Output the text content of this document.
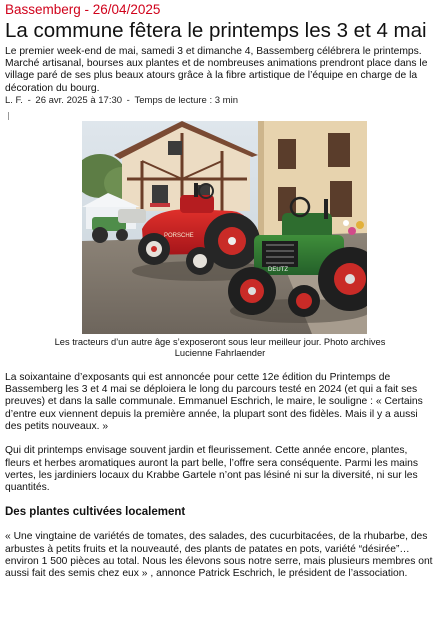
Bassemberg - 26/04/2025
La commune fêtera le printemps les 3 et 4 mai

Le premier week-end de mai, samedi 3 et dimanche 4, Bassemberg célébrera le printemps. Marché artisanal, bourses aux plantes et de nombreuses animations prendront place dans le village paré de ses plus beaux atours grâce à la fibre artistique de l’équipe en charge de la décoration du bourg.

L. F. - 26 avr. 2025 à 17:30 - Temps de lecture : 3 min
PORSCHE
DEUTZ

Les tracteurs d’un autre âge s’exposeront sous leur meilleur jour. Photo archives Lucienne Fahrlaender

La soixantaine d’exposants qui est annoncée pour cette 12e édition du Printemps de Bassemberg les 3 et 4 mai se déploiera le long du parcours testé en 2024 (et qui a fait ses preuves) et dans la salle communale. Emmanuel Eschrich, le maire, le souligne : « Certains d’entre eux viennent depuis la première année, la plupart sont des fidèles. Mais il y a aussi des petits nouveaux. »

Qui dit printemps envisage souvent jardin et fleurissement. Cette année encore, plantes, fleurs et herbes aromatiques auront la part belle, l’offre sera conséquente. Parmi les mains vertes, les jardiniers locaux du Krabbe Gartele n’ont pas lésiné ni sur la diversité, ni sur les quantités.

Des plantes cultivées localement

« Une vingtaine de variétés de tomates, des salades, des cucurbitacées, de la rhubarbe, des arbustes à petits fruits et la nouveauté, des plants de patates en pots, variété “désirée”… environ 1 500 pièces au total. Nous les élevons sous notre serre, mais plusieurs membres ont aussi fait des semis chez eux » , annonce Patrick Eschrich, le président de l’association.
